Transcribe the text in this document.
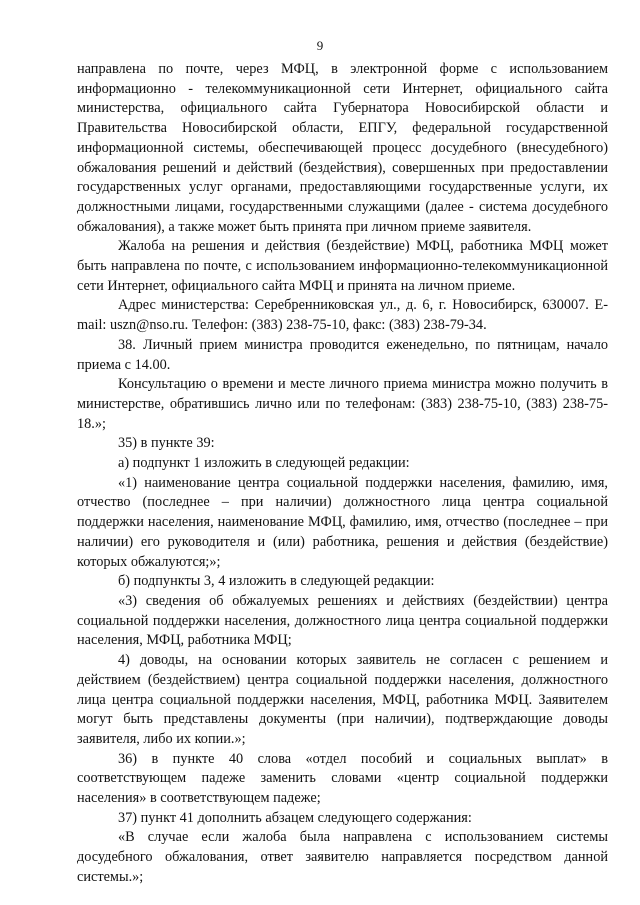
9

направлена по почте, через МФЦ, в электронной форме с использованием информационно - телекоммуникационной сети Интернет, официального сайта министерства, официального сайта Губернатора Новосибирской области и Правительства Новосибирской области, ЕПГУ, федеральной государственной информационной системы, обеспечивающей процесс досудебного (внесудебного) обжалования решений и действий (бездействия), совершенных при предоставлении государственных услуг органами, предоставляющими государственные услуги, их должностными лицами, государственными служащими (далее - система досудебного обжалования), а также может быть принята при личном приеме заявителя.

Жалоба на решения и действия (бездействие) МФЦ, работника МФЦ может быть направлена по почте, с использованием информационно-телекоммуникационной сети Интернет, официального сайта МФЦ и принята на личном приеме.

Адрес министерства: Серебренниковская ул., д. 6, г. Новосибирск, 630007. E-mail: uszn@nso.ru. Телефон: (383) 238-75-10, факс: (383) 238-79-34.

38. Личный прием министра проводится еженедельно, по пятницам, начало приема с 14.00.

Консультацию о времени и месте личного приема министра можно получить в министерстве, обратившись лично или по телефонам: (383) 238-75-10, (383) 238-75-18.»;

35) в пункте 39:

а) подпункт 1 изложить в следующей редакции:

«1) наименование центра социальной поддержки населения, фамилию, имя, отчество (последнее – при наличии) должностного лица центра социальной поддержки населения, наименование МФЦ, фамилию, имя, отчество (последнее – при наличии) его руководителя и (или) работника, решения и действия (бездействие) которых обжалуются;»;

б) подпункты 3, 4 изложить в следующей редакции:

«3) сведения об обжалуемых решениях и действиях (бездействии) центра социальной поддержки населения, должностного лица центра социальной поддержки населения, МФЦ, работника МФЦ;

4) доводы, на основании которых заявитель не согласен с решением и действием (бездействием) центра социальной поддержки населения, должностного лица центра социальной поддержки населения, МФЦ, работника МФЦ. Заявителем могут быть представлены документы (при наличии), подтверждающие доводы заявителя, либо их копии.»;

36) в пункте 40 слова «отдел пособий и социальных выплат» в соответствующем падеже заменить словами «центр социальной поддержки населения» в соответствующем падеже;

37) пункт 41 дополнить абзацем следующего содержания:

«В случае если жалоба была направлена с использованием системы досудебного обжалования, ответ заявителю направляется посредством данной системы.»;
